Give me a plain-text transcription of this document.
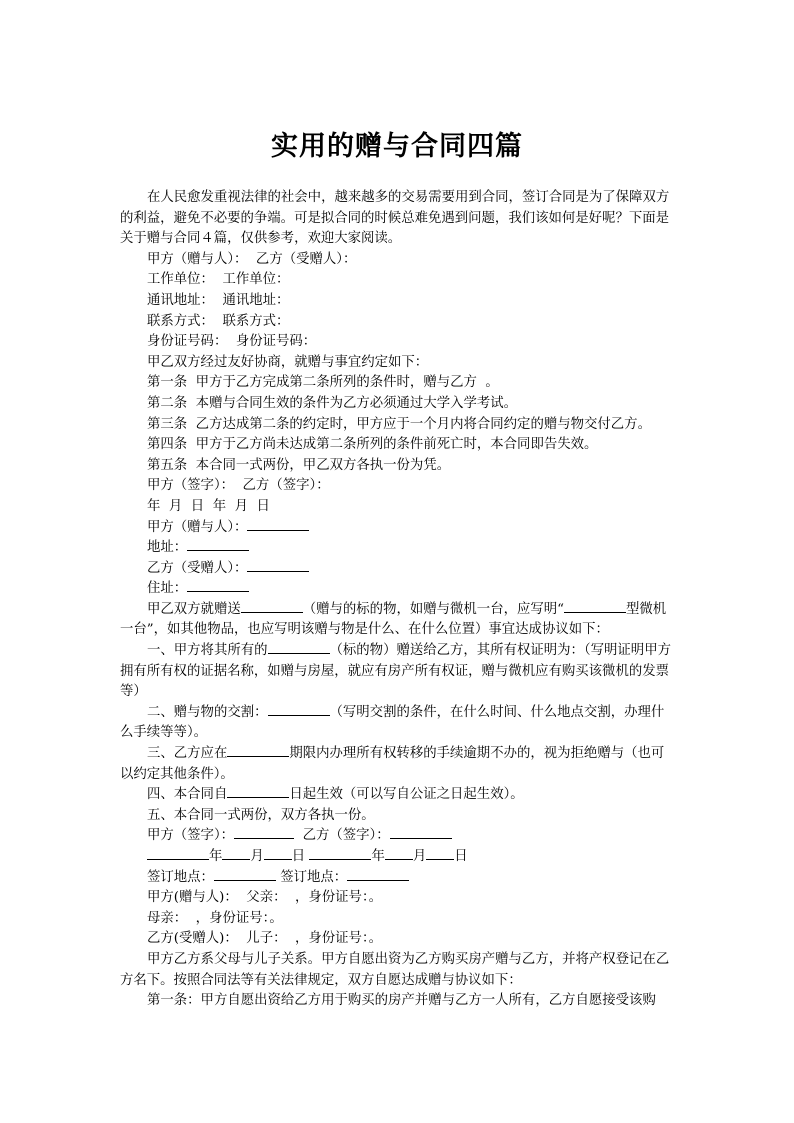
实用的赠与合同四篇

在人民愈发重视法律的社会中，越来越多的交易需要用到合同，签订合同是为了保障双方的利益，避免不必要的争端。可是拟合同的时候总难免遇到问题，我们该如何是好呢？下面是关于赠与合同４篇，仅供参考，欢迎大家阅读。

甲方（赠与人）：  乙方（受赠人）：

工作单位：  工作单位：

通讯地址：  通讯地址：

联系方式：  联系方式：

身份证号码：  身份证号码：

甲乙双方经过友好协商，就赠与事宜约定如下：

第一条  甲方于乙方完成第二条所列的条件时，赠与乙方  。

第二条  本赠与合同生效的条件为乙方必须通过大学入学考试。

第三条  乙方达成第二条的约定时，甲方应于一个月内将合同约定的赠与物交付乙方。

第四条  甲方于乙方尚未达成第二条所列的条件前死亡时，本合同即告失效。

第五条  本合同一式两份，甲乙双方各执一份为凭。

甲方（签字）：  乙方（签字）：

年  月  日  年  月  日

甲方（赠与人）：

地址：

乙方（受赠人）：

住址：

甲乙双方就赠送	（赠与的标的物，如赠与微机一台，应写明“	型微机一台”，如其他物品，也应写明该赠与物是什么、在什么位置）事宜达成协议如下：

一、甲方将其所有的	（标的物）赠送给乙方，其所有权证明为：（写明证明甲方拥有所有权的证据名称，如赠与房屋，就应有房产所有权证，赠与微机应有购买该微机的发票等）

二、赠与物的交割：	（写明交割的条件，在什么时间、什么地点交割，办理什么手续等等）。

三、乙方应在	期限内办理所有权转移的手续逾期不办的，视为拒绝赠与（也可以约定其他条件）。

四、本合同自	日起生效（可以写自公证之日起生效）。

五、本合同一式两份，双方各执一份。

甲方（签字）：	乙方（签字）：

年 月 日	年 月 日

签订地点：	签订地点：

甲方(赠与人)：  父亲：  ，身份证号：。

母亲：  ，身份证号：。

乙方(受赠人)：  儿子：  ，身份证号：。

甲方乙方系父母与儿子关系。甲方自愿出资为乙方购买房产赠与乙方，并将产权登记在乙方名下。按照合同法等有关法律规定，双方自愿达成赠与协议如下：

第一条：甲方自愿出资给乙方用于购买的房产并赠与乙方一人所有，乙方自愿接受该购
